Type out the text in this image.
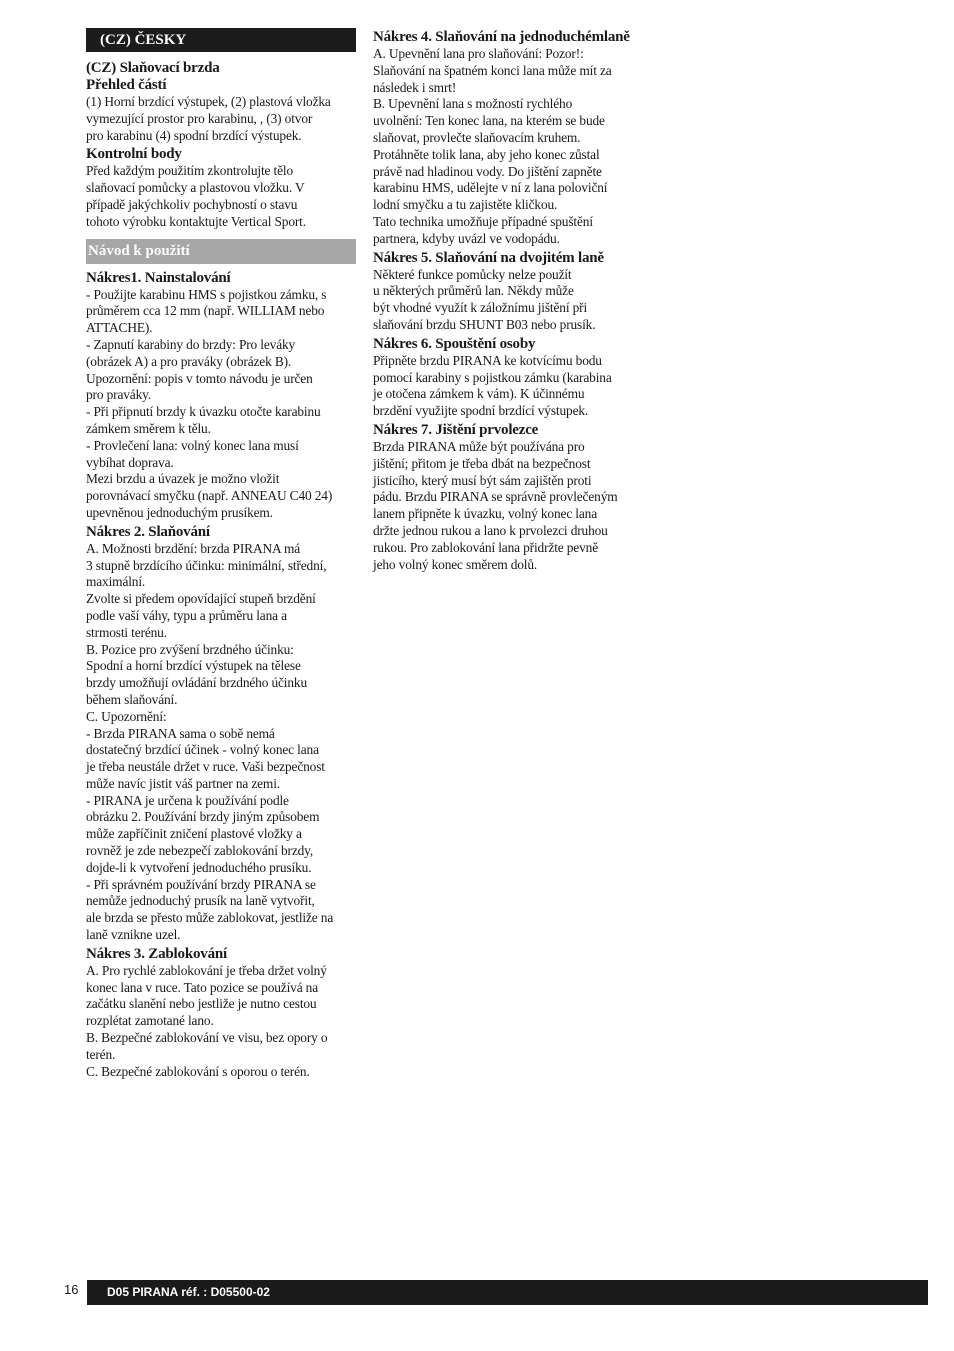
(CZ) ČESKY
(CZ) Slaňovací brzda
Přehled částí

(1) Horní brzdící výstupek, (2) plastová vložka
vymezující prostor pro karabinu, , (3) otvor
pro karabinu (4) spodní brzdící výstupek.

Kontrolní body

Před každým použitím zkontrolujte tělo
slaňovací pomůcky a plastovou vložku. V
případě jakýchkoliv pochybností o stavu
tohoto výrobku kontaktujte Vertical Sport.

Návod k použití
Nákres1. Nainstalování

- Použijte karabinu HMS s pojistkou zámku, s
průměrem cca 12 mm (např. WILLIAM nebo
ATTACHE).
- Zapnutí karabiny do brzdy: Pro leváky
(obrázek A) a pro praváky (obrázek B).
Upozornění: popis v tomto návodu je určen
pro praváky.
- Při připnutí brzdy k úvazku otočte karabinu
zámkem směrem k tělu.
- Provlečení lana: volný konec lana musí
vybíhat doprava.
Mezi brzdu a úvazek je možno vložit
porovnávací smyčku (např. ANNEAU C40 24)
upevněnou jednoduchým prusíkem.

Nákres 2. Slaňování

A. Možnosti brzdění: brzda PIRANA má
3 stupně brzdícího účinku: minimální, střední,
maximální.
Zvolte si předem opovídající stupeň brzdění
podle vaší váhy, typu a průměru lana a
strmosti terénu.
B. Pozice pro zvýšení brzdného účinku:
Spodní a horní brzdící výstupek na tělese
brzdy umožňují ovládání brzdného účinku
během slaňování.
C. Upozornění:
- Brzda PIRANA sama o sobě nemá
dostatečný brzdící účinek - volný konec lana
je třeba neustále držet v ruce. Vaši bezpečnost
může navíc jistit váš partner na zemi.
- PIRANA je určena k používání podle
obrázku 2. Používání brzdy jiným způsobem
může zapříčinit zničení plastové vložky a
rovněž je zde nebezpečí zablokování brzdy,
dojde-li k vytvoření jednoduchého prusíku.
- Při správném používání brzdy PIRANA se
nemůže jednoduchý prusík na laně vytvořit,
ale brzda se přesto může zablokovat, jestliže na
laně vznikne uzel.

Nákres 3. Zablokování

A. Pro rychlé zablokování je třeba držet volný
konec lana v ruce. Tato pozice se používá na
začátku slanění nebo jestliže je nutno cestou
rozplétat zamotané lano.
B. Bezpečné zablokování ve visu, bez opory o
terén.
C. Bezpečné zablokování s oporou o terén.

Nákres 4. Slaňování na jednoduchémlaně

A. Upevnění lana pro slaňování: Pozor!:
Slaňování na špatném konci lana může mít za
následek i smrt!
B. Upevnění lana s možností rychlého
uvolnění: Ten konec lana, na kterém se bude
slaňovat, provlečte slaňovacím kruhem.
Protáhněte tolik lana, aby jeho konec zůstal
právě nad hladinou vody. Do jištění zapněte
karabinu HMS, udělejte v ní z lana poloviční
lodní smyčku a tu zajistěte kličkou.
Tato technika umožňuje případné spuštění
partnera, kdyby uvázl ve vodopádu.

Nákres 5. Slaňování na dvojitém laně

Některé funkce pomůcky nelze použít
u některých průměrů lan. Někdy může
být vhodné využít k záložnímu jištění při
slaňování brzdu SHUNT B03 nebo prusík.

Nákres 6. Spouštění osoby

Připněte brzdu PIRANA ke kotvícímu bodu
pomocí karabiny s pojistkou zámku (karabina
je otočena zámkem k vám). K účinnému
brzdění využijte spodní brzdící výstupek.

Nákres 7. Jištění prvolezce

Brzda PIRANA může být používána pro
jištění; přitom je třeba dbát na bezpečnost
jisticího, který musí být sám zajištěn proti
pádu. Brzdu PIRANA se správně provlečeným
lanem připněte k úvazku, volný konec lana
držte jednou rukou a lano k prvolezci druhou
rukou. Pro zablokování lana přidržte pevně
jeho volný konec směrem dolů.

16	D05 PIRANA réf. : D05500-02
